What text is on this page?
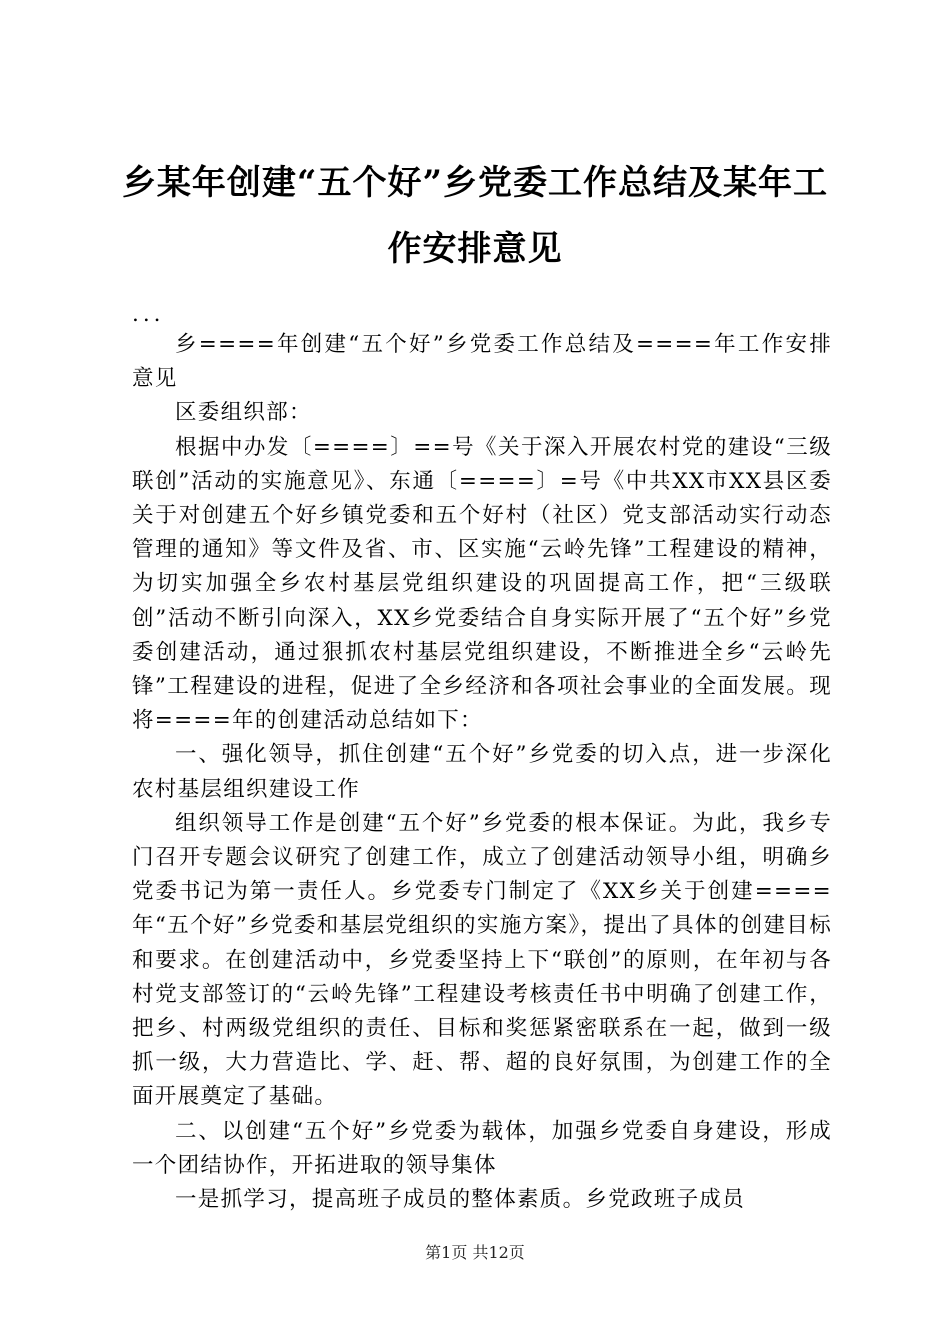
乡某年创建“五个好”乡党委工作总结及某年工作安排意见

...

乡====年创建“五个好”乡党委工作总结及====年工作安排意见

区委组织部：

根据中办发〔====〕==号《关于深入开展农村党的建设“三级联创”活动的实施意见》、东通〔====〕=号《中共XX市XX县区委关于对创建五个好乡镇党委和五个好村（社区）党支部活动实行动态管理的通知》等文件及省、市、区实施“云岭先锋”工程建设的精神，为切实加强全乡农村基层党组织建设的巩固提高工作，把“三级联创”活动不断引向深入，XX乡党委结合自身实际开展了“五个好”乡党委创建活动，通过狠抓农村基层党组织建设，不断推进全乡“云岭先锋”工程建设的进程，促进了全乡经济和各项社会事业的全面发展。现将====年的创建活动总结如下：

一、强化领导，抓住创建“五个好”乡党委的切入点，进一步深化农村基层组织建设工作

组织领导工作是创建“五个好”乡党委的根本保证。为此，我乡专门召开专题会议研究了创建工作，成立了创建活动领导小组，明确乡党委书记为第一责任人。乡党委专门制定了《XX乡关于创建====年“五个好”乡党委和基层党组织的实施方案》，提出了具体的创建目标和要求。在创建活动中，乡党委坚持上下“联创”的原则，在年初与各村党支部签订的“云岭先锋”工程建设考核责任书中明确了创建工作，把乡、村两级党组织的责任、目标和奖惩紧密联系在一起，做到一级抓一级，大力营造比、学、赶、帮、超的良好氛围，为创建工作的全面开展奠定了基础。

二、以创建“五个好”乡党委为载体，加强乡党委自身建设，形成一个团结协作，开拓进取的领导集体

一是抓学习，提高班子成员的整体素质。乡党政班子成员

第1页 共12页
